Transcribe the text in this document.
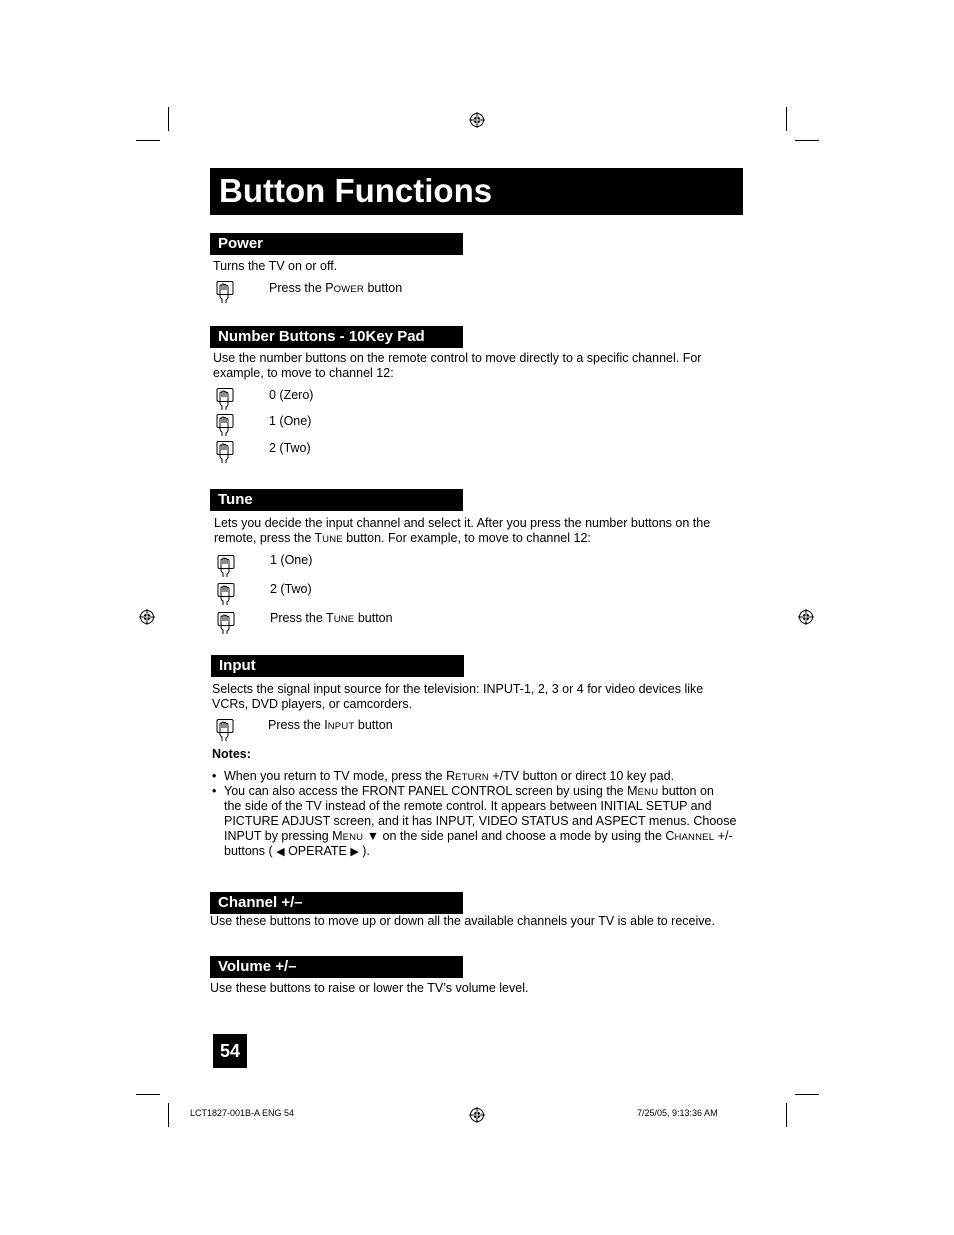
Button Functions
Power
Turns the TV on or off.
Press the POWER button
Number Buttons - 10Key Pad
Use the number buttons on the remote control to move directly to a specific channel. For
example, to move to channel 12:
0 (Zero)
1 (One)
2 (Two)
Tune
Lets you decide the input channel and select it. After you press the number buttons on the
remote, press the TUNE button. For example, to move to channel 12:
1 (One)
2 (Two)
Press the TUNE button
Input
Selects the signal input source for the television: INPUT-1, 2, 3 or 4 for video devices like
VCRs, DVD players, or camcorders.
Press the INPUT button
Notes:
• When you return to TV mode, press the RETURN +/TV button or direct 10 key pad.
• You can also access the FRONT PANEL CONTROL screen by using the MENU button on
the side of the TV instead of the remote control. It appears between INITIAL SETUP and
PICTURE ADJUST screen, and it has INPUT, VIDEO STATUS and ASPECT menus. Choose
INPUT by pressing MENU ▼ on the side panel and choose a mode by using the CHANNEL +/-
buttons ( ◀ OPERATE ▶ ).
Channel +/–
Use these buttons to move up or down all the available channels your TV is able to receive.
Volume +/–
Use these buttons to raise or lower the TV’s volume level.
54
LCT1827-001B-A ENG 54	7/25/05, 9:13:36 AM
